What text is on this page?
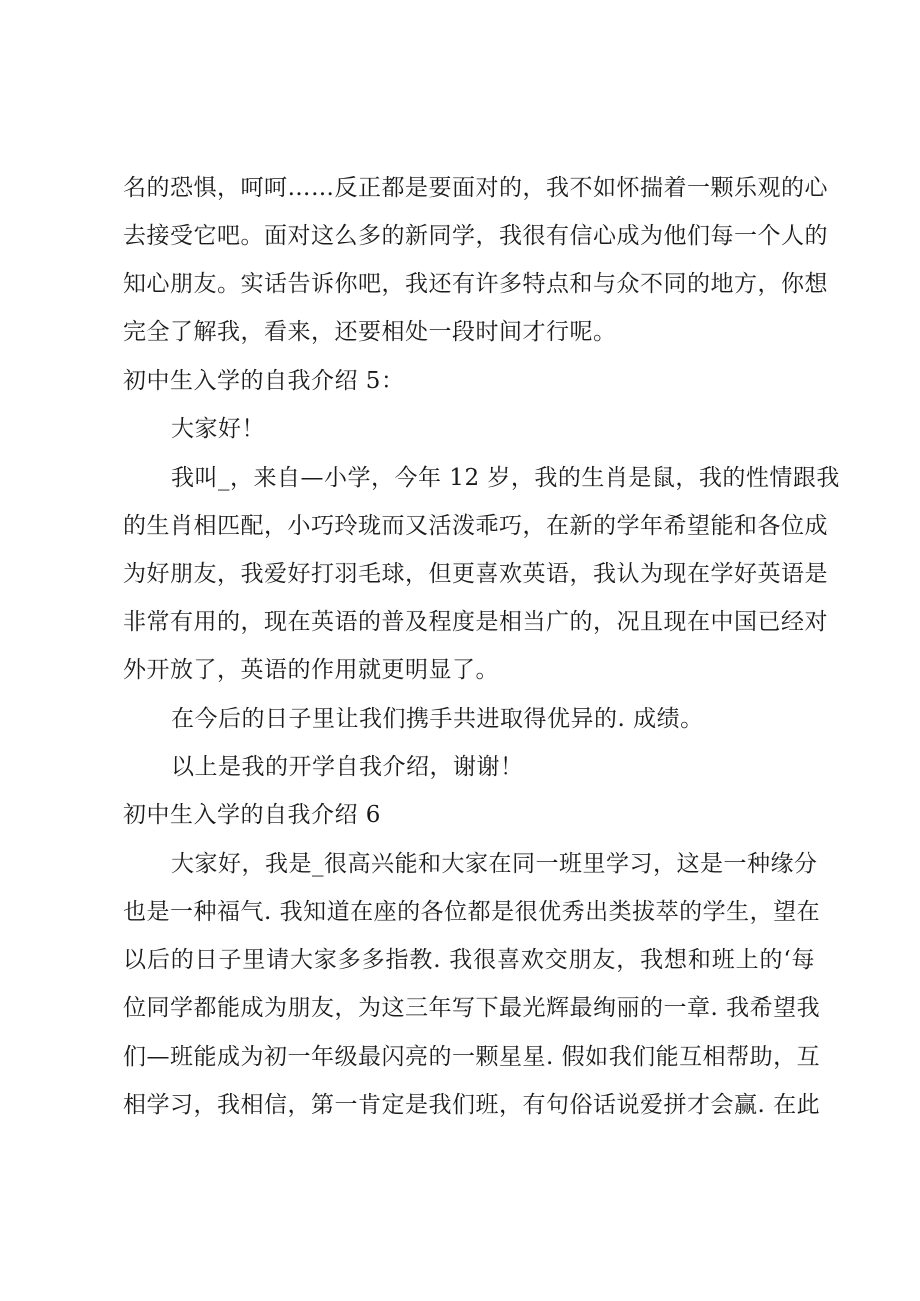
名的恐惧，呵呵……反正都是要面对的，我不如怀揣着一颗乐观的心
去接受它吧。面对这么多的新同学，我很有信心成为他们每一个人的
知心朋友。实话告诉你吧，我还有许多特点和与众不同的地方，你想
完全了解我，看来，还要相处一段时间才行呢。
初中生入学的自我介绍 5：
大家好！
我叫_，来自—小学，今年 12 岁，我的生肖是鼠，我的性情跟我
的生肖相匹配，小巧玲珑而又活泼乖巧，在新的学年希望能和各位成
为好朋友，我爱好打羽毛球，但更喜欢英语，我认为现在学好英语是
非常有用的，现在英语的普及程度是相当广的，况且现在中国已经对
外开放了，英语的作用就更明显了。
在今后的日子里让我们携手共进取得优异的. 成绩。
以上是我的开学自我介绍，谢谢！
初中生入学的自我介绍 6
大家好，我是_很高兴能和大家在同一班里学习，这是一种缘分
也是一种福气. 我知道在座的各位都是很优秀出类拔萃的学生，望在
以后的日子里请大家多多指教. 我很喜欢交朋友，我想和班上的‘每
位同学都能成为朋友，为这三年写下最光辉最绚丽的一章. 我希望我
们—班能成为初一年级最闪亮的一颗星星. 假如我们能互相帮助，互
相学习，我相信，第一肯定是我们班，有句俗话说爱拼才会赢. 在此
